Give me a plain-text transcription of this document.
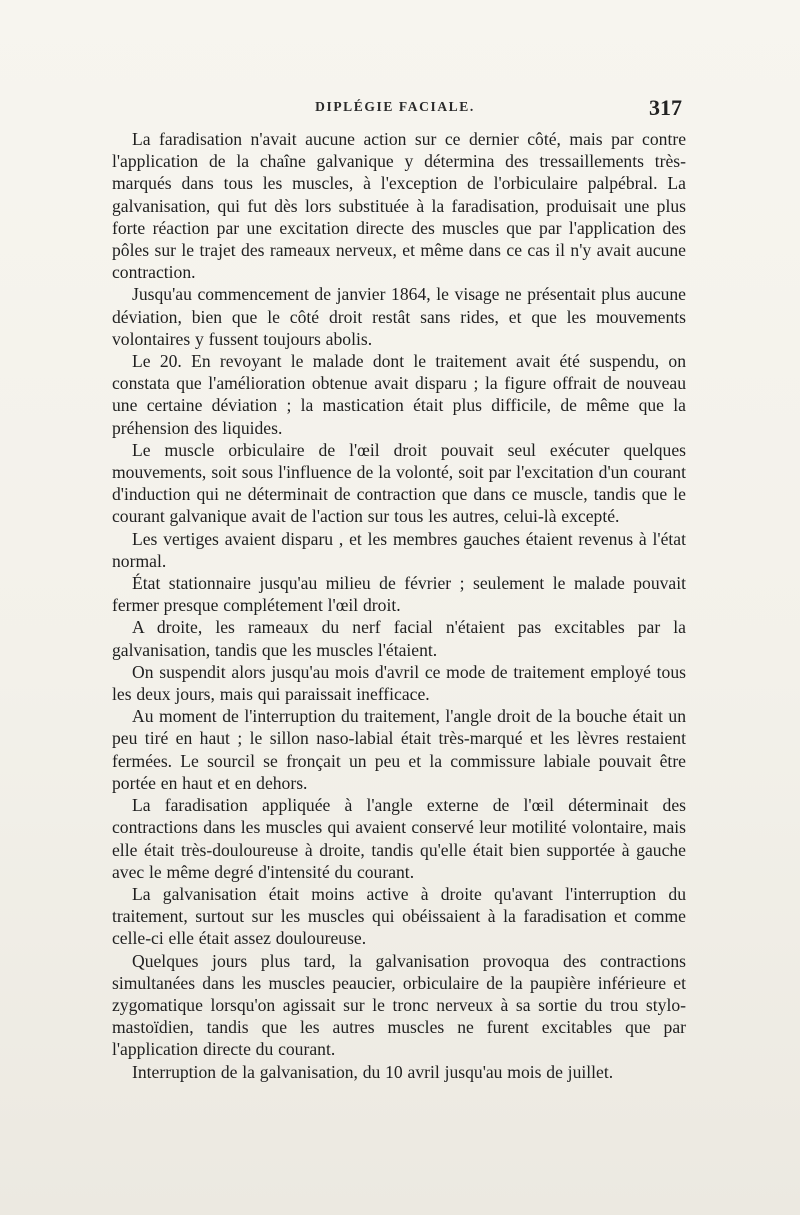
DIPLÉGIE FACIALE.	317

La faradisation n'avait aucune action sur ce dernier côté, mais par contre l'application de la chaîne galvanique y détermina des tressaillements très-marqués dans tous les muscles, à l'exception de l'orbiculaire palpébral. La galvanisation, qui fut dès lors substituée à la faradisation, produisait une plus forte réaction par une excitation directe des muscles que par l'application des pôles sur le trajet des rameaux nerveux, et même dans ce cas il n'y avait aucune contraction.

Jusqu'au commencement de janvier 1864, le visage ne présentait plus aucune déviation, bien que le côté droit restât sans rides, et que les mouvements volontaires y fussent toujours abolis.

Le 20. En revoyant le malade dont le traitement avait été suspendu, on constata que l'amélioration obtenue avait disparu ; la figure offrait de nouveau une certaine déviation ; la mastication était plus difficile, de même que la préhension des liquides.

Le muscle orbiculaire de l'œil droit pouvait seul exécuter quelques mouvements, soit sous l'influence de la volonté, soit par l'excitation d'un courant d'induction qui ne déterminait de contraction que dans ce muscle, tandis que le courant galvanique avait de l'action sur tous les autres, celui-là excepté.

Les vertiges avaient disparu , et les membres gauches étaient revenus à l'état normal.

État stationnaire jusqu'au milieu de février ; seulement le malade pouvait fermer presque complétement l'œil droit.

A droite, les rameaux du nerf facial n'étaient pas excitables par la galvanisation, tandis que les muscles l'étaient.

On suspendit alors jusqu'au mois d'avril ce mode de traitement employé tous les deux jours, mais qui paraissait inefficace.

Au moment de l'interruption du traitement, l'angle droit de la bouche était un peu tiré en haut ; le sillon naso-labial était très-marqué et les lèvres restaient fermées. Le sourcil se fronçait un peu et la commissure labiale pouvait être portée en haut et en dehors.

La faradisation appliquée à l'angle externe de l'œil déterminait des contractions dans les muscles qui avaient conservé leur motilité volontaire, mais elle était très-douloureuse à droite, tandis qu'elle était bien supportée à gauche avec le même degré d'intensité du courant.

La galvanisation était moins active à droite qu'avant l'interruption du traitement, surtout sur les muscles qui obéissaient à la faradisation et comme celle-ci elle était assez douloureuse.

Quelques jours plus tard, la galvanisation provoqua des contractions simultanées dans les muscles peaucier, orbiculaire de la paupière inférieure et zygomatique lorsqu'on agissait sur le tronc nerveux à sa sortie du trou stylo-mastoïdien, tandis que les autres muscles ne furent excitables que par l'application directe du courant.

Interruption de la galvanisation, du 10 avril jusqu'au mois de juillet.
